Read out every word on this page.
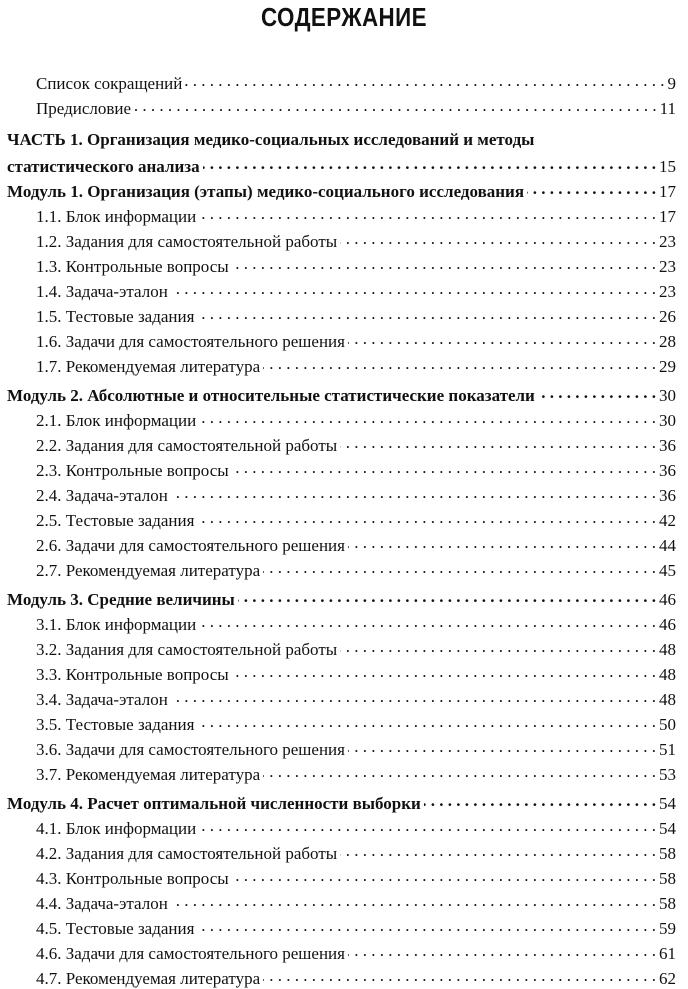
СОДЕРЖАНИЕ
Список сокращений . . .	9
Предисловие . . .	11
ЧАСТЬ 1. Организация медико-социальных исследований и методы
статистического анализа . . .	15
Модуль 1. Организация (этапы) медико-социального исследования . . .	17
1.1. Блок информации . . .	17
1.2. Задания для самостоятельной работы . . .	23
1.3. Контрольные вопросы . . .	23
1.4. Задача-эталон . . .	23
1.5. Тестовые задания . . .	26
1.6. Задачи для самостоятельного решения . . .	28
1.7. Рекомендуемая литература . . .	29
Модуль 2. Абсолютные и относительные статистические показатели . . .	30
2.1. Блок информации . . .	30
2.2. Задания для самостоятельной работы . . .	36
2.3. Контрольные вопросы . . .	36
2.4. Задача-эталон . . .	36
2.5. Тестовые задания . . .	42
2.6. Задачи для самостоятельного решения . . .	44
2.7. Рекомендуемая литература . . .	45
Модуль 3. Средние величины . . .	46
3.1. Блок информации . . .	46
3.2. Задания для самостоятельной работы . . .	48
3.3. Контрольные вопросы . . .	48
3.4. Задача-эталон . . .	48
3.5. Тестовые задания . . .	50
3.6. Задачи для самостоятельного решения . . .	51
3.7. Рекомендуемая литература . . .	53
Модуль 4. Расчет оптимальной численности выборки . . .	54
4.1. Блок информации . . .	54
4.2. Задания для самостоятельной работы . . .	58
4.3. Контрольные вопросы . . .	58
4.4. Задача-эталон . . .	58
4.5. Тестовые задания . . .	59
4.6. Задачи для самостоятельного решения . . .	61
4.7. Рекомендуемая литература . . .	62
